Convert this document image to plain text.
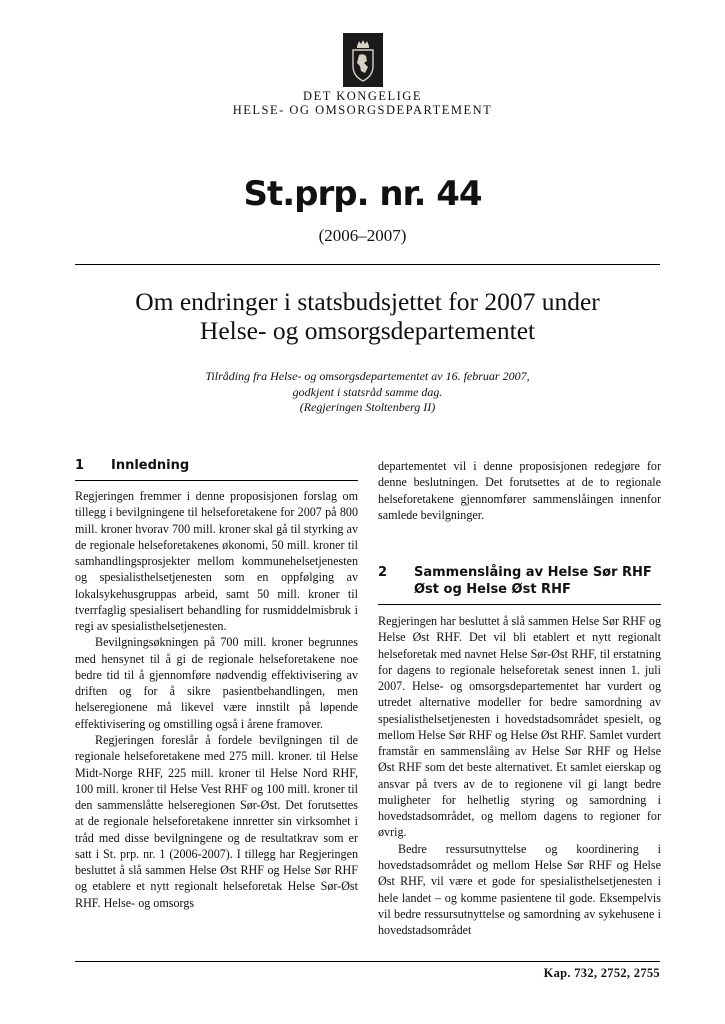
DET KONGELIGE
HELSE- OG OMSORGSDEPARTEMENT
St.prp. nr. 44
(2006–2007)
Om endringer i statsbudsjettet for 2007 under
Helse- og omsorgsdepartementet
Tilråding fra Helse- og omsorgsdepartementet av 16. februar 2007,
godkjent i statsråd samme dag.
(Regjeringen Stoltenberg II)
1 Innledning

Regjeringen fremmer i denne proposisjonen forslag om tillegg i bevilgningene til helseforetakene for 2007 på 800 mill. kroner hvorav 700 mill. kroner skal gå til styrking av de regionale helseforetakenes økonomi, 50 mill. kroner til samhandlingsprosjekter mellom kommunehelsetjenesten og spesialisthelsetjenesten som en oppfølging av lokalsykehusgruppas arbeid, samt 50 mill. kroner til tverrfaglig spesialisert behandling for rusmiddelmisbruk i regi av spesialisthelsetjenesten.

Bevilgningsøkningen på 700 mill. kroner begrunnes med hensynet til å gi de regionale helseforetakene noe bedre tid til å gjennomføre nødvendig effektivisering av driften og for å sikre pasientbehandlingen, men helseregionene må likevel være innstilt på løpende effektivisering og omstilling også i årene framover.

Regjeringen foreslår å fordele bevilgningen til de regionale helseforetakene med 275 mill. kroner. til Helse Midt-Norge RHF, 225 mill. kroner til Helse Nord RHF, 100 mill. kroner til Helse Vest RHF og 100 mill. kroner til den sammenslåtte helseregionen Sør-Øst. Det forutsettes at de regionale helseforetakene innretter sin virksomhet i tråd med disse bevilgningene og de resultatkrav som er satt i St. prp. nr. 1 (2006-2007). I tillegg har Regjeringen besluttet å slå sammen Helse Øst RHF og Helse Sør RHF og etablere et nytt regionalt helseforetak Helse Sør-Øst RHF. Helse- og omsorgs

departementet vil i denne proposisjonen redegjøre for denne beslutningen. Det forutsettes at de to regionale helseforetakene gjennomfører sammenslåingen innenfor samlede bevilgninger.

2	Sammenslåing av Helse Sør RHF
Øst og Helse Øst RHF

Regjeringen har besluttet å slå sammen Helse Sør RHF og Helse Øst RHF. Det vil bli etablert et nytt regionalt helseforetak med navnet Helse Sør-Øst RHF, til erstatning for dagens to regionale helseforetak senest innen 1. juli 2007. Helse- og omsorgsdepartementet har vurdert og utredet alternative modeller for bedre samordning av spesialisthelsetjenesten i hovedstadsområdet spesielt, og mellom Helse Sør RHF og Helse Øst RHF. Samlet vurdert framstår en sammenslåing av Helse Sør RHF og Helse Øst RHF som det beste alternativet. Et samlet eierskap og ansvar på tvers av de to regionene vil gi langt bedre muligheter for helhetlig styring og samordning i hovedstadsområdet, og mellom dagens to regioner for øvrig.

Bedre ressursutnyttelse og koordinering i hovedstadsområdet og mellom Helse Sør RHF og Helse Øst RHF, vil være et gode for spesialisthelsetjenesten i hele landet – og komme pasientene til gode. Eksempelvis vil bedre ressursutnyttelse og samordning av sykehusene i hovedstadsområdet

Kap. 732, 2752, 2755
